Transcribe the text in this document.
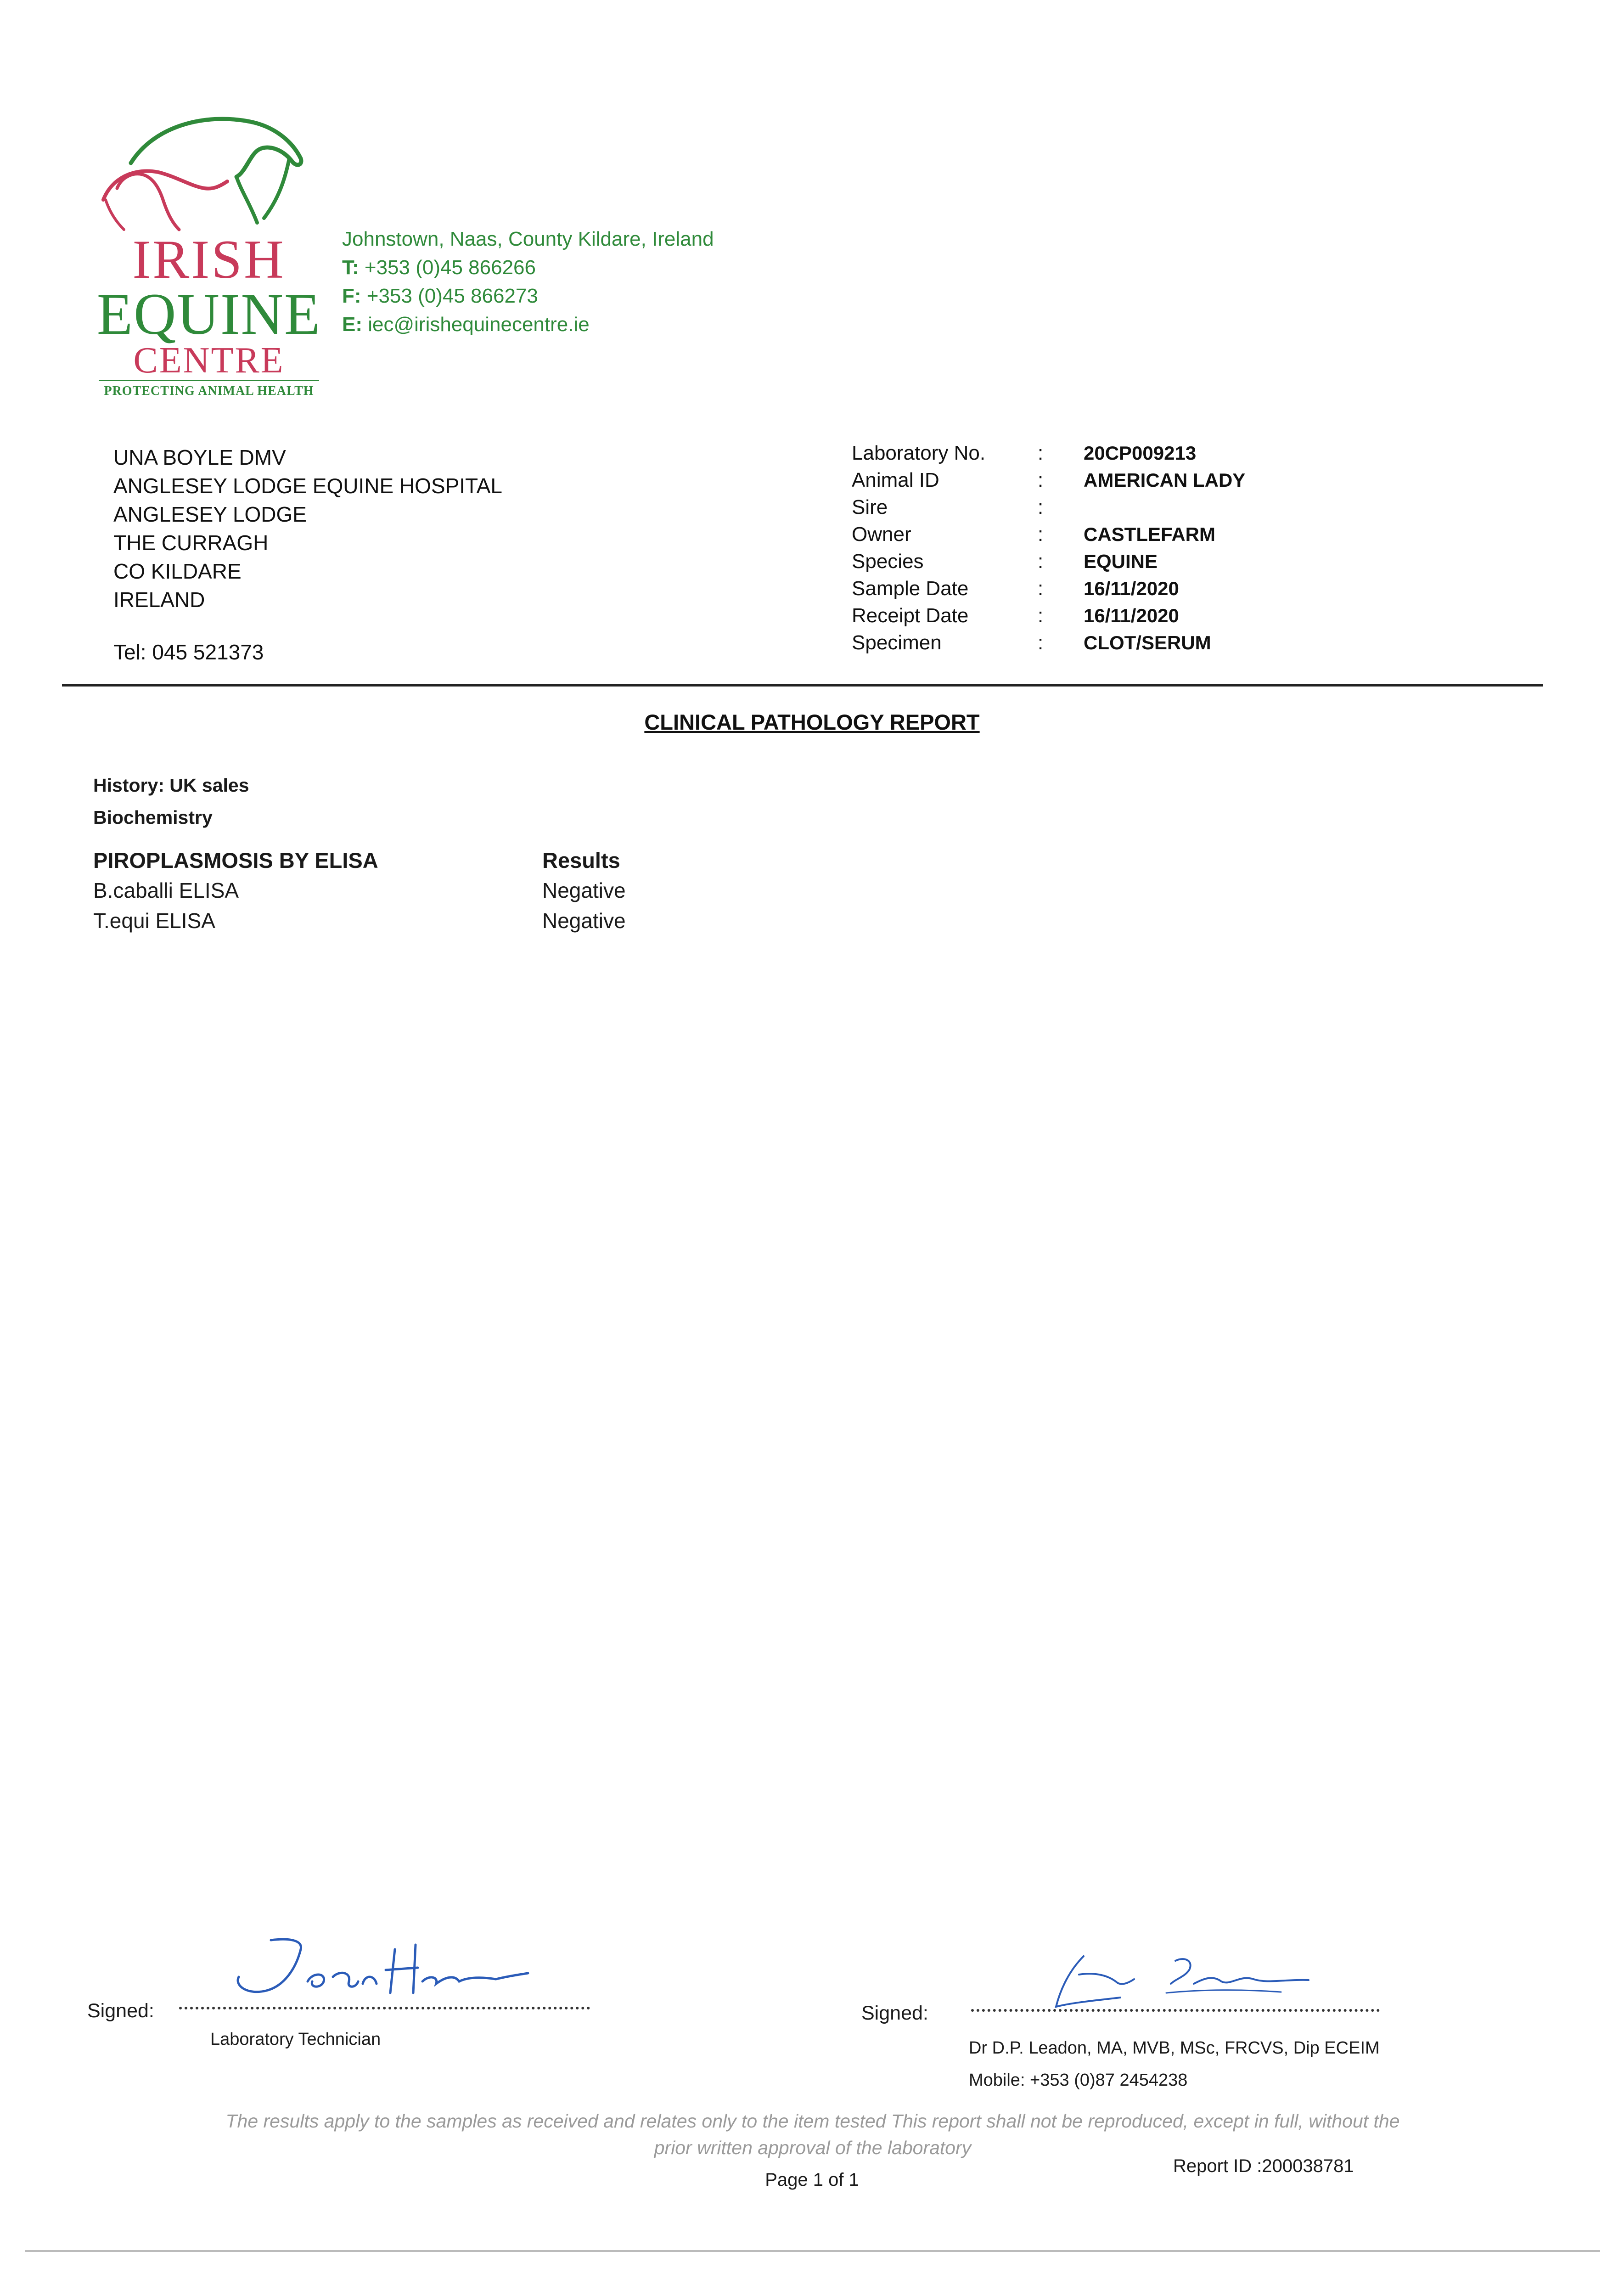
IRISH
EQUINE
CENTRE
PROTECTING ANIMAL HEALTH
Johnstown, Naas, County Kildare, Ireland
T: +353 (0)45 866266
F: +353 (0)45 866273
E: iec@irishequinecentre.ie
UNA BOYLE DMV
ANGLESEY LODGE EQUINE HOSPITAL
ANGLESEY LODGE
THE CURRAGH
CO KILDARE
IRELAND
Tel: 045 521373
Laboratory No.	:	20CP009213
Animal ID	:	AMERICAN LADY
Sire	:	
Owner	:	CASTLEFARM
Species	:	EQUINE
Sample Date	:	16/11/2020
Receipt Date	:	16/11/2020
Specimen	:	CLOT/SERUM
CLINICAL PATHOLOGY REPORT
History: UK sales
Biochemistry
PIROPLASMOSIS BY ELISA	Results
B.caballi ELISA	Negative
T.equi ELISA	Negative
Signed:
Laboratory Technician
Signed:
Dr D.P. Leadon, MA, MVB, MSc, FRCVS, Dip ECEIM
Mobile: +353 (0)87 2454238
The results apply to the samples as received and relates only to the item tested This report shall not be reproduced, except in full, without the
prior written approval of the laboratory
Report ID :200038781
Page 1 of 1
